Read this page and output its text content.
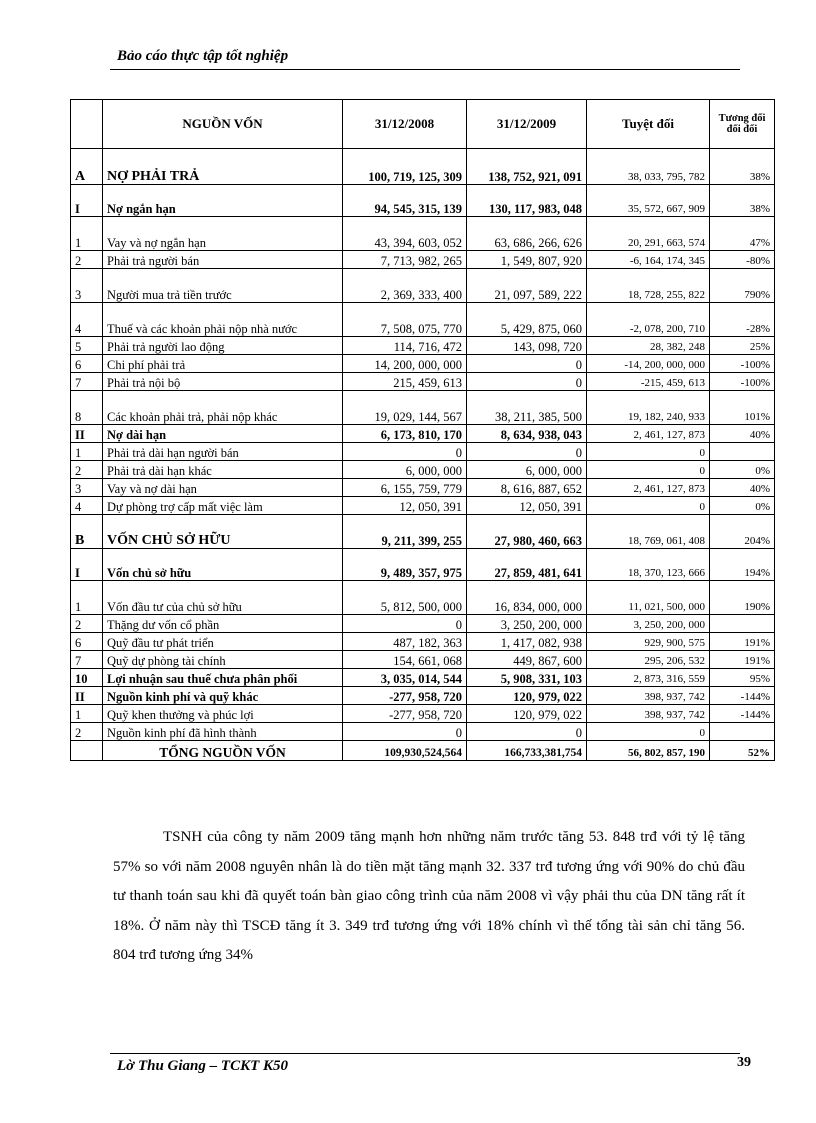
Bảo cáo thực tập tốt nghiệp
	NGUỒN VỐN	31/12/2008	31/12/2009	Tuyệt đối	Tương đối đối đối
A	NỢ PHẢI TRẢ	100, 719, 125, 309	138, 752, 921, 091	38, 033, 795, 782	38%
I	Nợ ngắn hạn	94, 545, 315, 139	130, 117, 983, 048	35, 572, 667, 909	38%
1	Vay và nợ ngắn hạn	43, 394, 603, 052	63, 686, 266, 626	20, 291, 663, 574	47%
2	Phải trả người bán	7, 713, 982, 265	1, 549, 807, 920	-6, 164, 174, 345	-80%
3	Người mua trả tiền trước	2, 369, 333, 400	21, 097, 589, 222	18, 728, 255, 822	790%
4	Thuế và các khoản phải nộp nhà nước	7, 508, 075, 770	5, 429, 875, 060	-2, 078, 200, 710	-28%
5	Phải trả người lao động	114, 716, 472	143, 098, 720	28, 382, 248	25%
6	Chi phí phải trả	14, 200, 000, 000	0	-14, 200, 000, 000	-100%
7	Phải trả nội bộ	215, 459, 613	0	-215, 459, 613	-100%
8	Các khoản phải trả, phải nộp khác	19, 029, 144, 567	38, 211, 385, 500	19, 182, 240, 933	101%
II	Nợ dài hạn	6, 173, 810, 170	8, 634, 938, 043	2, 461, 127, 873	40%
1	Phải trả dài hạn người bán	0	0	0	
2	Phải trả dài hạn khác	6, 000, 000	6, 000, 000	0	0%
3	Vay và nợ dài hạn	6, 155, 759, 779	8, 616, 887, 652	2, 461, 127, 873	40%
4	Dự phòng trợ cấp mất việc làm	12, 050, 391	12, 050, 391	0	0%
B	VỐN CHỦ SỞ HỮU	9, 211, 399, 255	27, 980, 460, 663	18, 769, 061, 408	204%
I	Vốn chủ sở hữu	9, 489, 357, 975	27, 859, 481, 641	18, 370, 123, 666	194%
1	Vốn đầu tư của chủ sở hữu	5, 812, 500, 000	16, 834, 000, 000	11, 021, 500, 000	190%
2	Thặng dư vốn cổ phần	0	3, 250, 200, 000	3, 250, 200, 000	
6	Quỹ đầu tư phát triển	487, 182, 363	1, 417, 082, 938	929, 900, 575	191%
7	Quỹ dự phòng tài chính	154, 661, 068	449, 867, 600	295, 206, 532	191%
10	Lợi nhuận sau thuế chưa phân phối	3, 035, 014, 544	5, 908, 331, 103	2, 873, 316, 559	95%
II	Nguồn kinh phí và quỹ khác	-277, 958, 720	120, 979, 022	398, 937, 742	-144%
1	Quỹ khen thưởng và phúc lợi	-277, 958, 720	120, 979, 022	398, 937, 742	-144%
2	Nguồn kinh phí đã hình thành	0	0	0	
	TỔNG NGUỒN VỐN	109,930,524,564	166,733,381,754	56, 802, 857, 190	52%
TSNH của công ty năm 2009 tăng mạnh hơn những năm trước tăng 53. 848 trđ với tỷ lệ tăng 57% so với năm 2008 nguyên nhân là do tiền mặt tăng mạnh 32. 337 trđ tương ứng với 90% do chủ đầu tư thanh toán sau khi đã quyết toán bàn giao công trình của năm 2008 vì vậy phải thu của DN tăng rất ít 18%. Ở năm này thì TSCĐ tăng ít 3. 349 trđ tương ứng với 18% chính vì thế tổng tài sản chỉ tăng 56. 804 trđ tương ứng 34%
Lờ Thu Giang – TCKT K50	39
